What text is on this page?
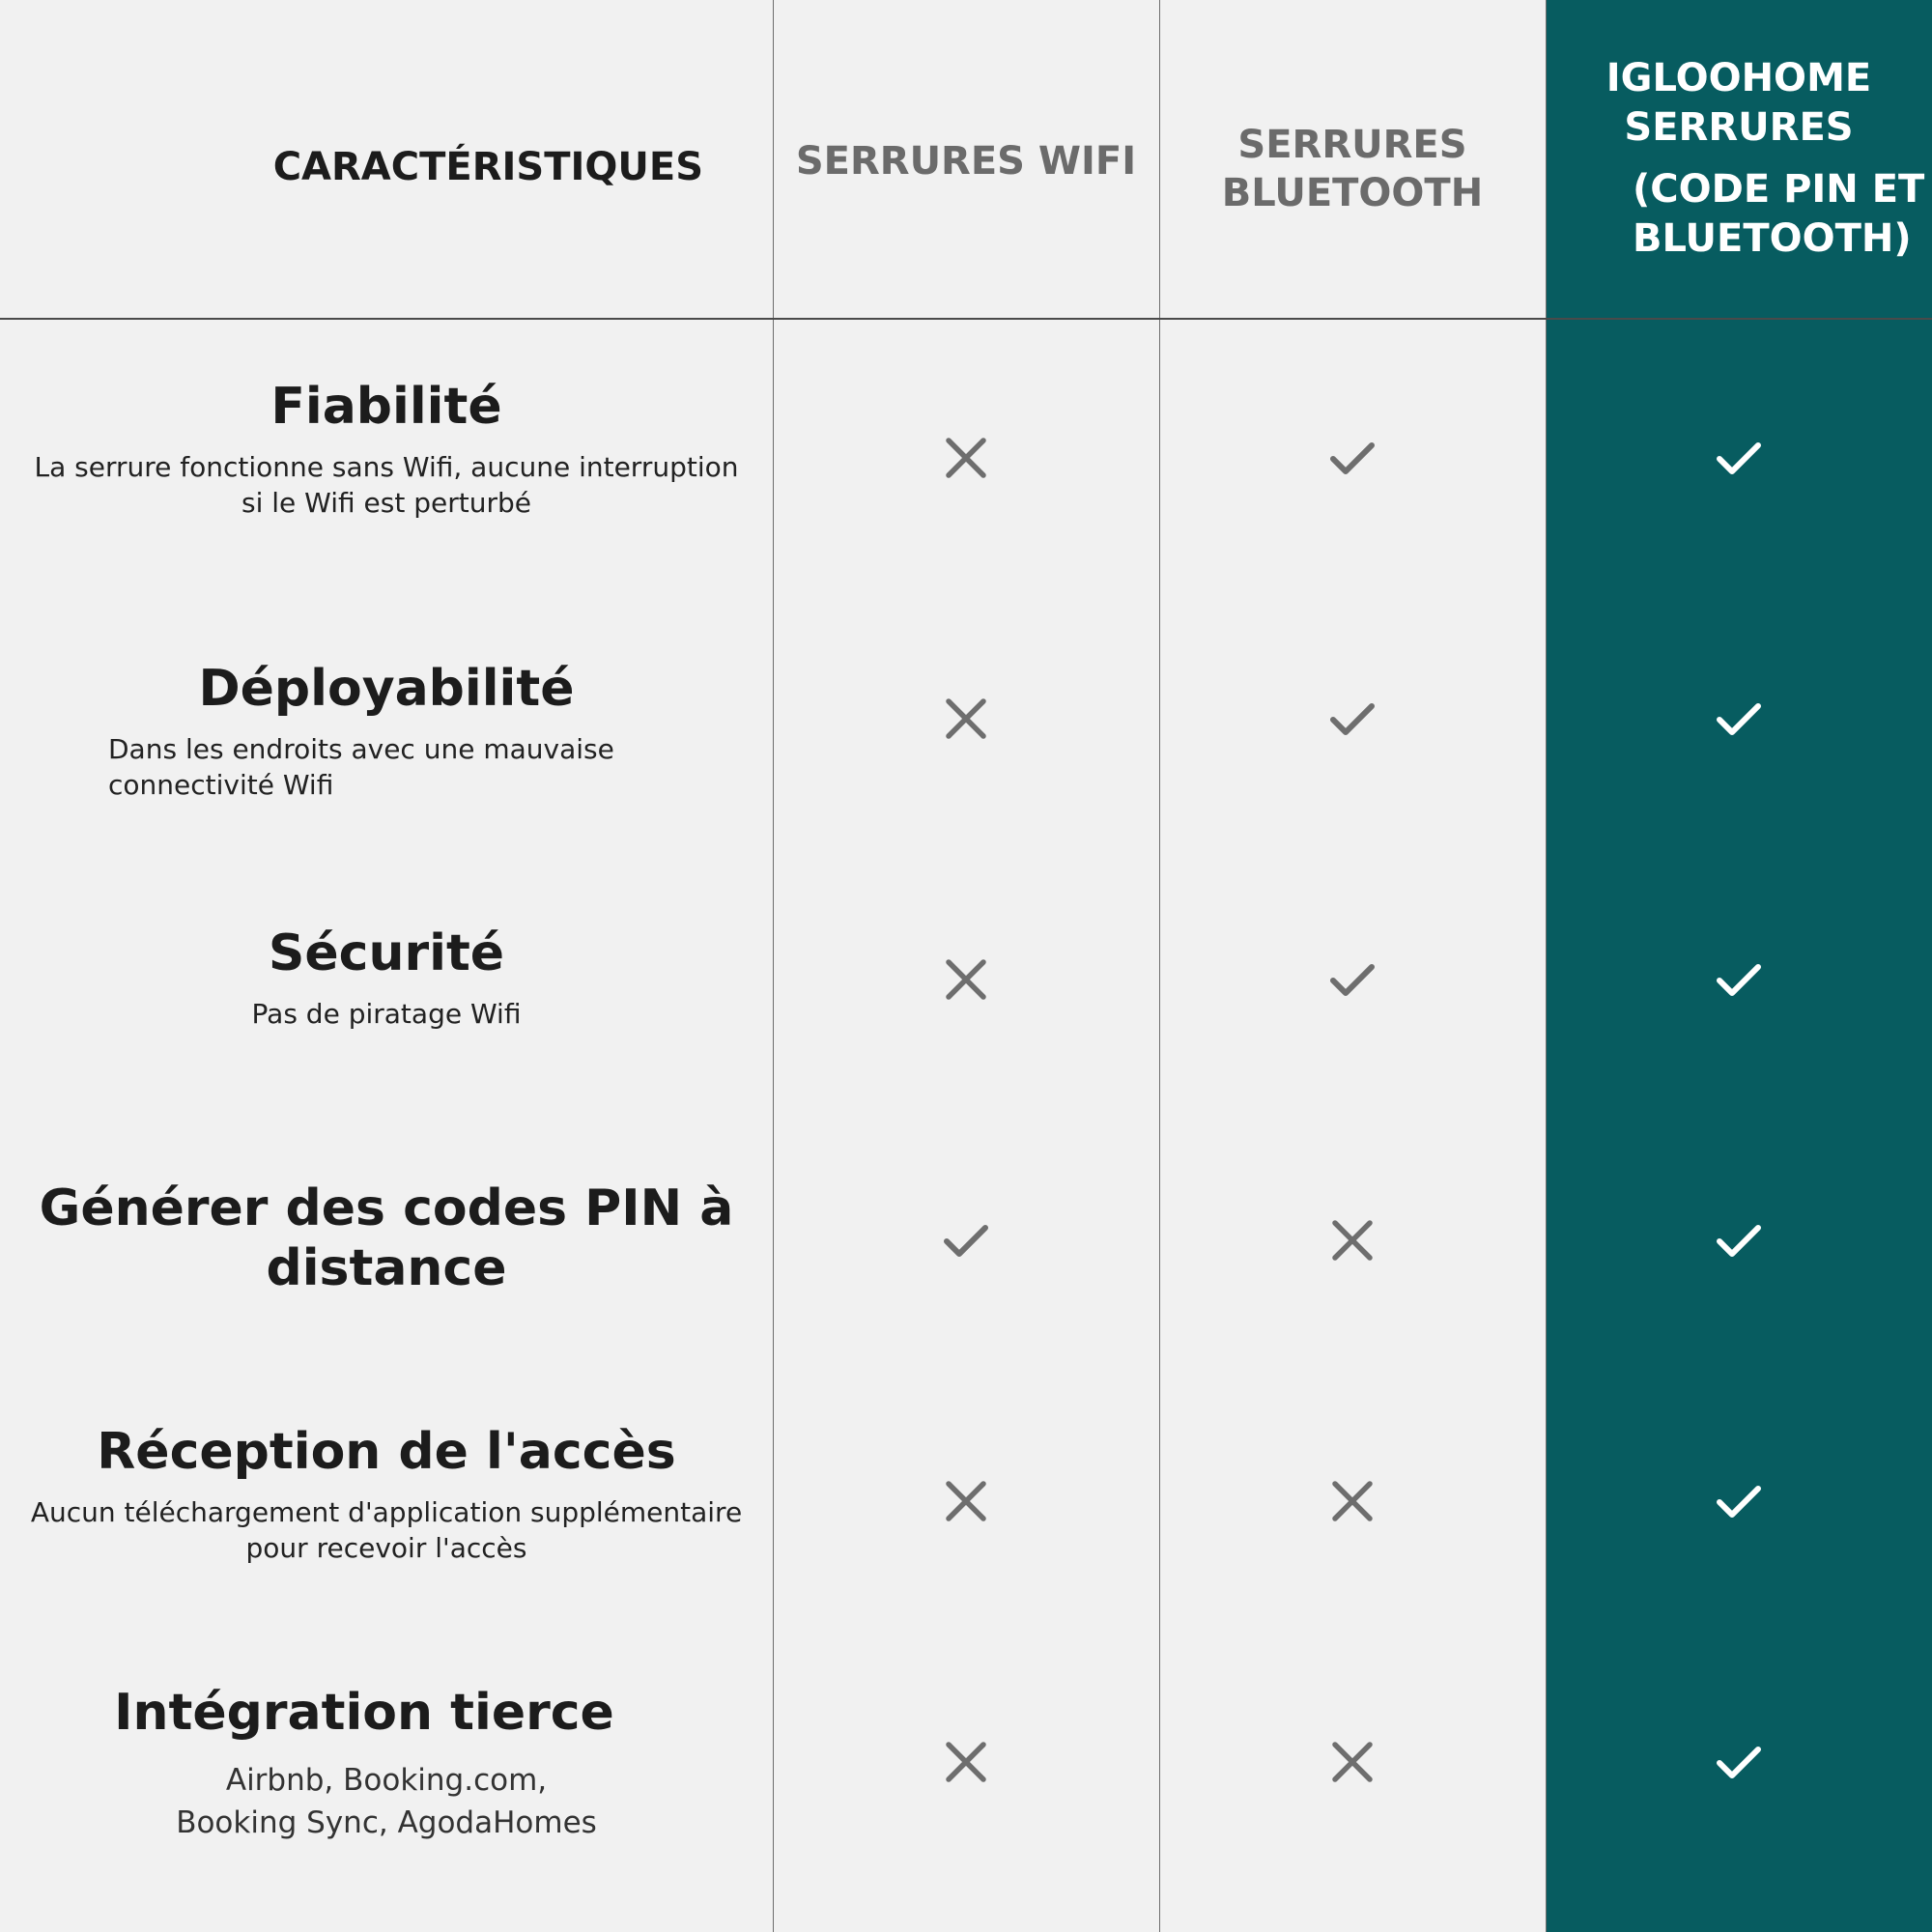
CARACTÉRISTIQUES SERRURES WIFI	SERRURES
BLUETOOTH
IGLOOHOME
SERRURES
(CODE PIN ET
BLUETOOTH)
Fiabilité
La serrure fonctionne sans Wifi, aucune interruption
si le Wifi est perturbé
Déployabilité
Dans les endroits avec une mauvaise
connectivité Wifi
Sécurité
Pas de piratage Wifi
Générer des codes PIN à
distance
Réception de l'accès
Aucun téléchargement d'application supplémentaire
pour recevoir l'accès
Intégration tierce
Airbnb, Booking.com,
Booking Sync, AgodaHomes
